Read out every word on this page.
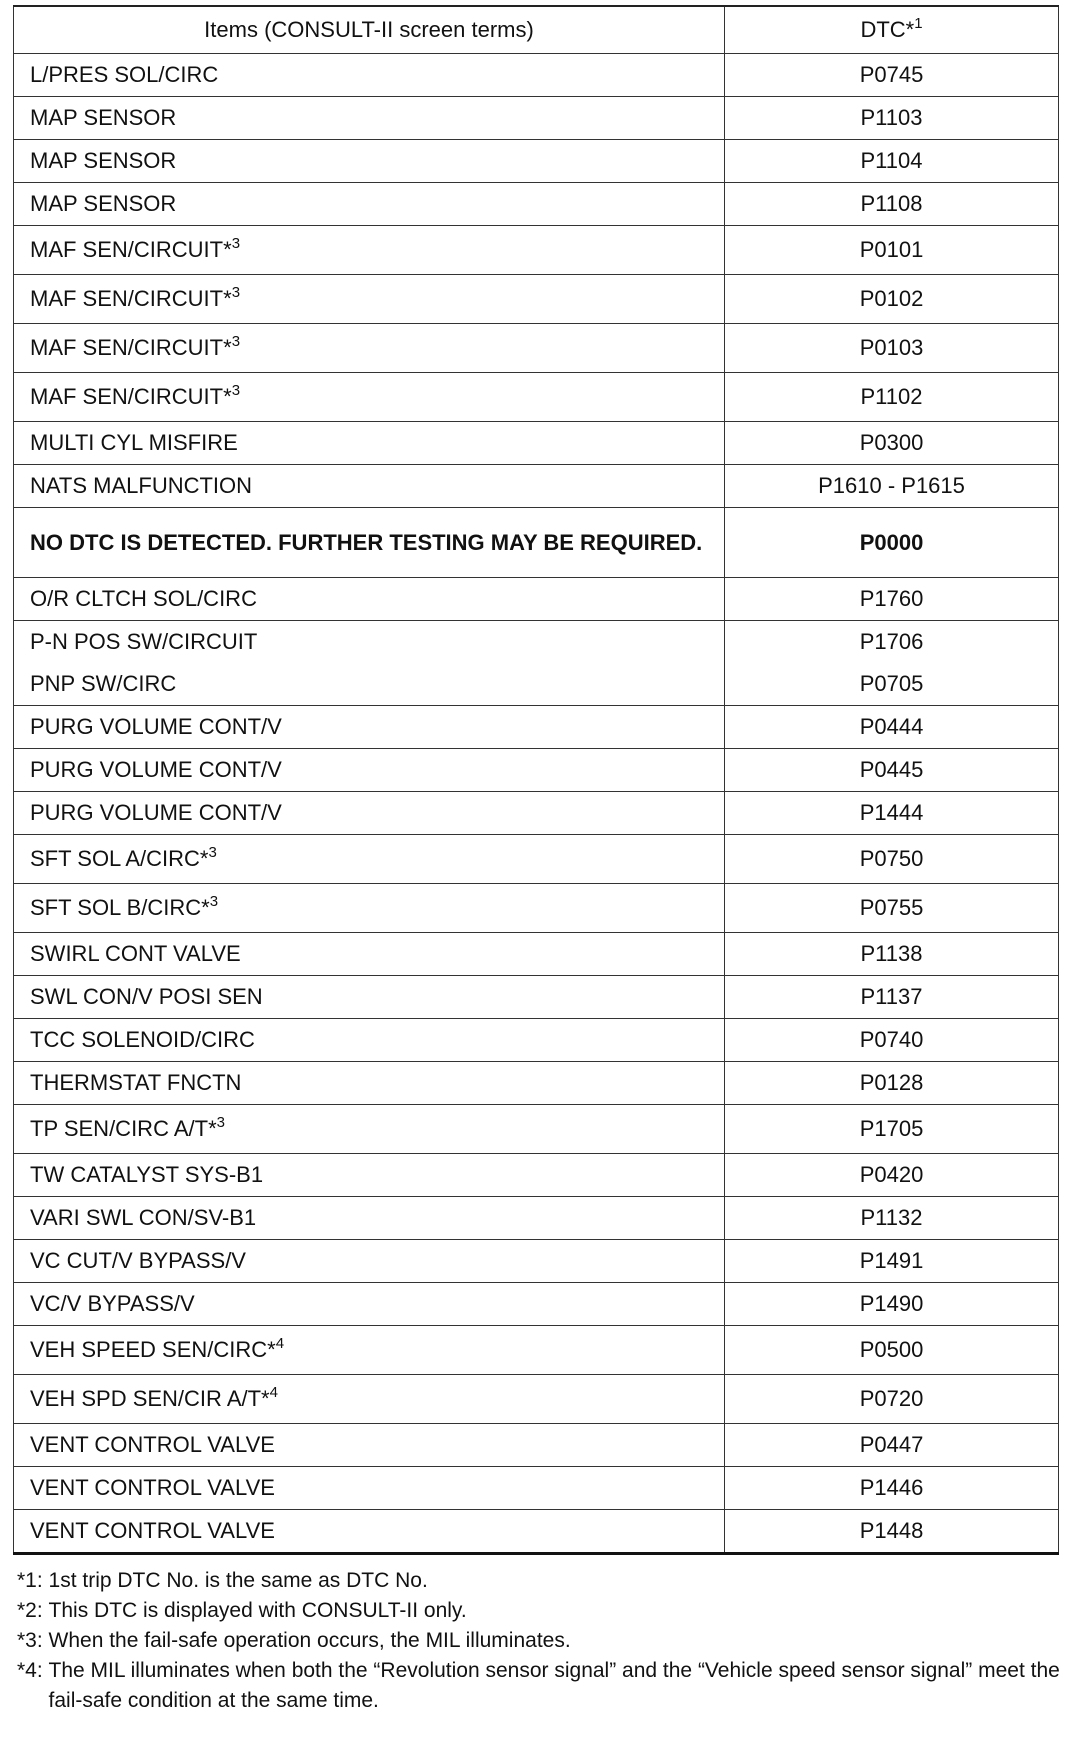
Items (CONSULT-II screen terms)	DTC*$^1$
L/PRES SOL/CIRC	P0745
MAP SENSOR	P1103
MAP SENSOR	P1104
MAP SENSOR	P1108
MAF SEN/CIRCUIT*$^3$	P0101
MAF SEN/CIRCUIT*$^3$	P0102
MAF SEN/CIRCUIT*$^3$	P0103
MAF SEN/CIRCUIT*$^3$	P1102
MULTI CYL MISFIRE	P0300
NATS MALFUNCTION	P1610 - P1615
NO DTC IS DETECTED. FURTHER TESTING MAY BE REQUIRED.	P0000
O/R CLTCH SOL/CIRC	P1760
P-N POS SW/CIRCUIT	P1706
PNP SW/CIRC	P0705
PURG VOLUME CONT/V	P0444
PURG VOLUME CONT/V	P0445
PURG VOLUME CONT/V	P1444
SFT SOL A/CIRC*$^3$	P0750
SFT SOL B/CIRC*$^3$	P0755
SWIRL CONT VALVE	P1138
SWL CON/V POSI SEN	P1137
TCC SOLENOID/CIRC	P0740
THERMSTAT FNCTN	P0128
TP SEN/CIRC A/T*$^3$	P1705
TW CATALYST SYS-B1	P0420
VARI SWL CON/SV-B1	P1132
VC CUT/V BYPASS/V	P1491
VC/V BYPASS/V	P1490
VEH SPEED SEN/CIRC*$^4$	P0500
VEH SPD SEN/CIR A/T*$^4$	P0720
VENT CONTROL VALVE	P0447
VENT CONTROL VALVE	P1446
VENT CONTROL VALVE	P1448
*1: 1st trip DTC No. is the same as DTC No.
*2: This DTC is displayed with CONSULT-II only.
*3: When the fail-safe operation occurs, the MIL illuminates.
*4: The MIL illuminates when both the “Revolution sensor signal” and the “Vehicle speed sensor signal” meet the fail-safe condition at the same time.
